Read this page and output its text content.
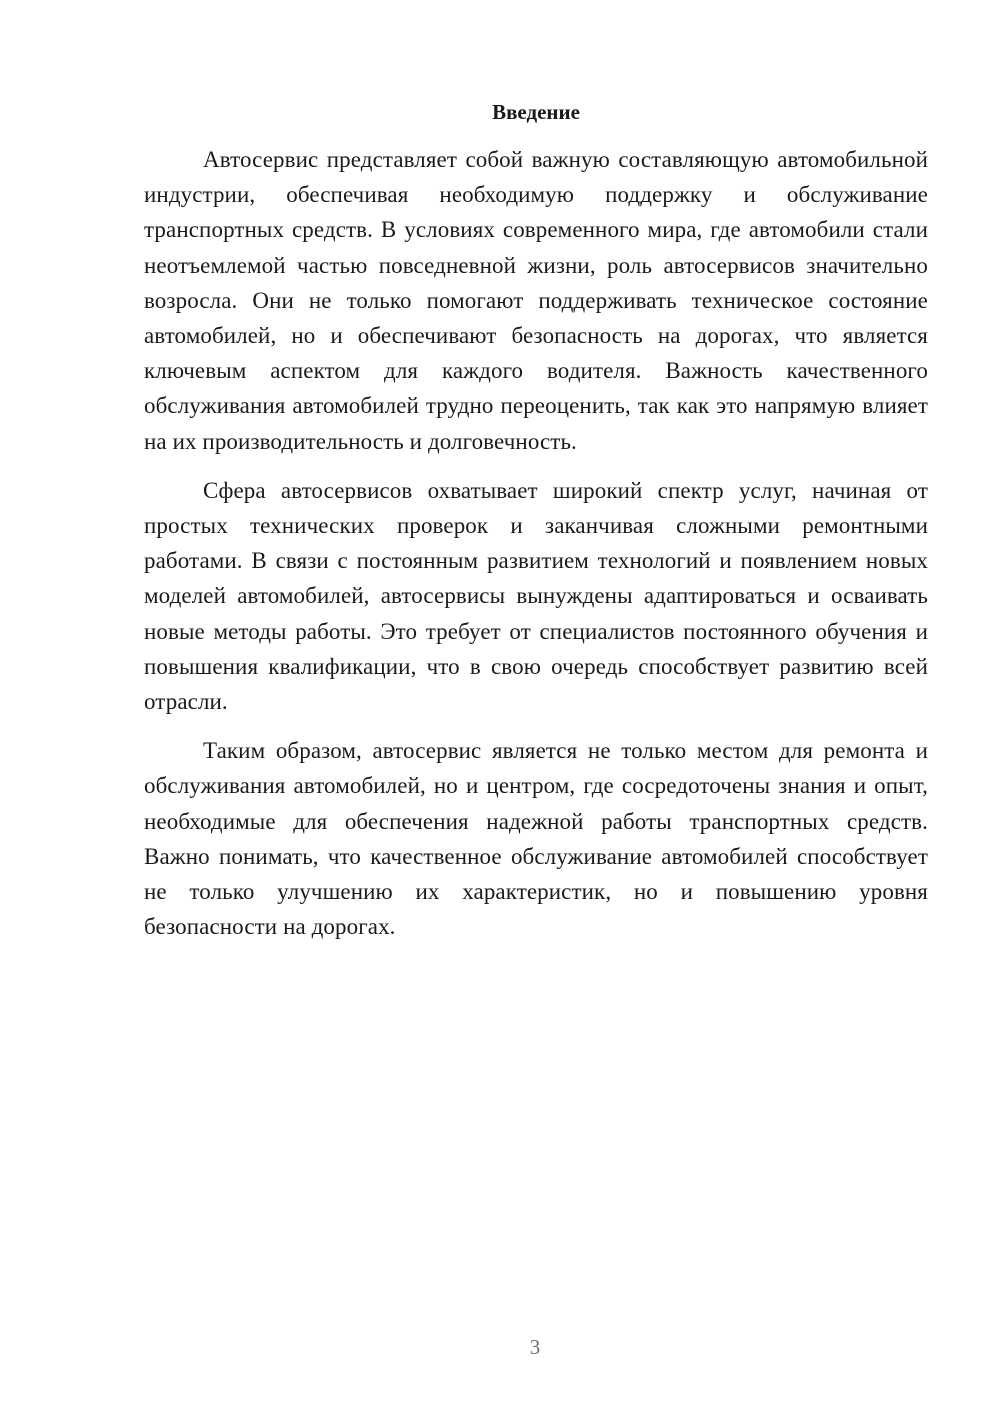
Введение

Автосервис представляет собой важную составляющую автомобильной индустрии, обеспечивая необходимую поддержку и обслуживание транспортных средств. В условиях современного мира, где автомобили стали неотъемлемой частью повседневной жизни, роль автосервисов значительно возросла. Они не только помогают поддерживать техническое состояние автомобилей, но и обеспечивают безопасность на дорогах, что является ключевым аспектом для каждого водителя. Важность качественного обслуживания автомобилей трудно переоценить, так как это напрямую влияет на их производительность и долговечность.

Сфера автосервисов охватывает широкий спектр услуг, начиная от простых технических проверок и заканчивая сложными ремонтными работами. В связи с постоянным развитием технологий и появлением новых моделей автомобилей, автосервисы вынуждены адаптироваться и осваивать новые методы работы. Это требует от специалистов постоянного обучения и повышения квалификации, что в свою очередь способствует развитию всей отрасли.

Таким образом, автосервис является не только местом для ремонта и обслуживания автомобилей, но и центром, где сосредоточены знания и опыт, необходимые для обеспечения надежной работы транспортных средств. Важно понимать, что качественное обслуживание автомобилей способствует не только улучшению их характеристик, но и повышению уровня безопасности на дорогах.

3
